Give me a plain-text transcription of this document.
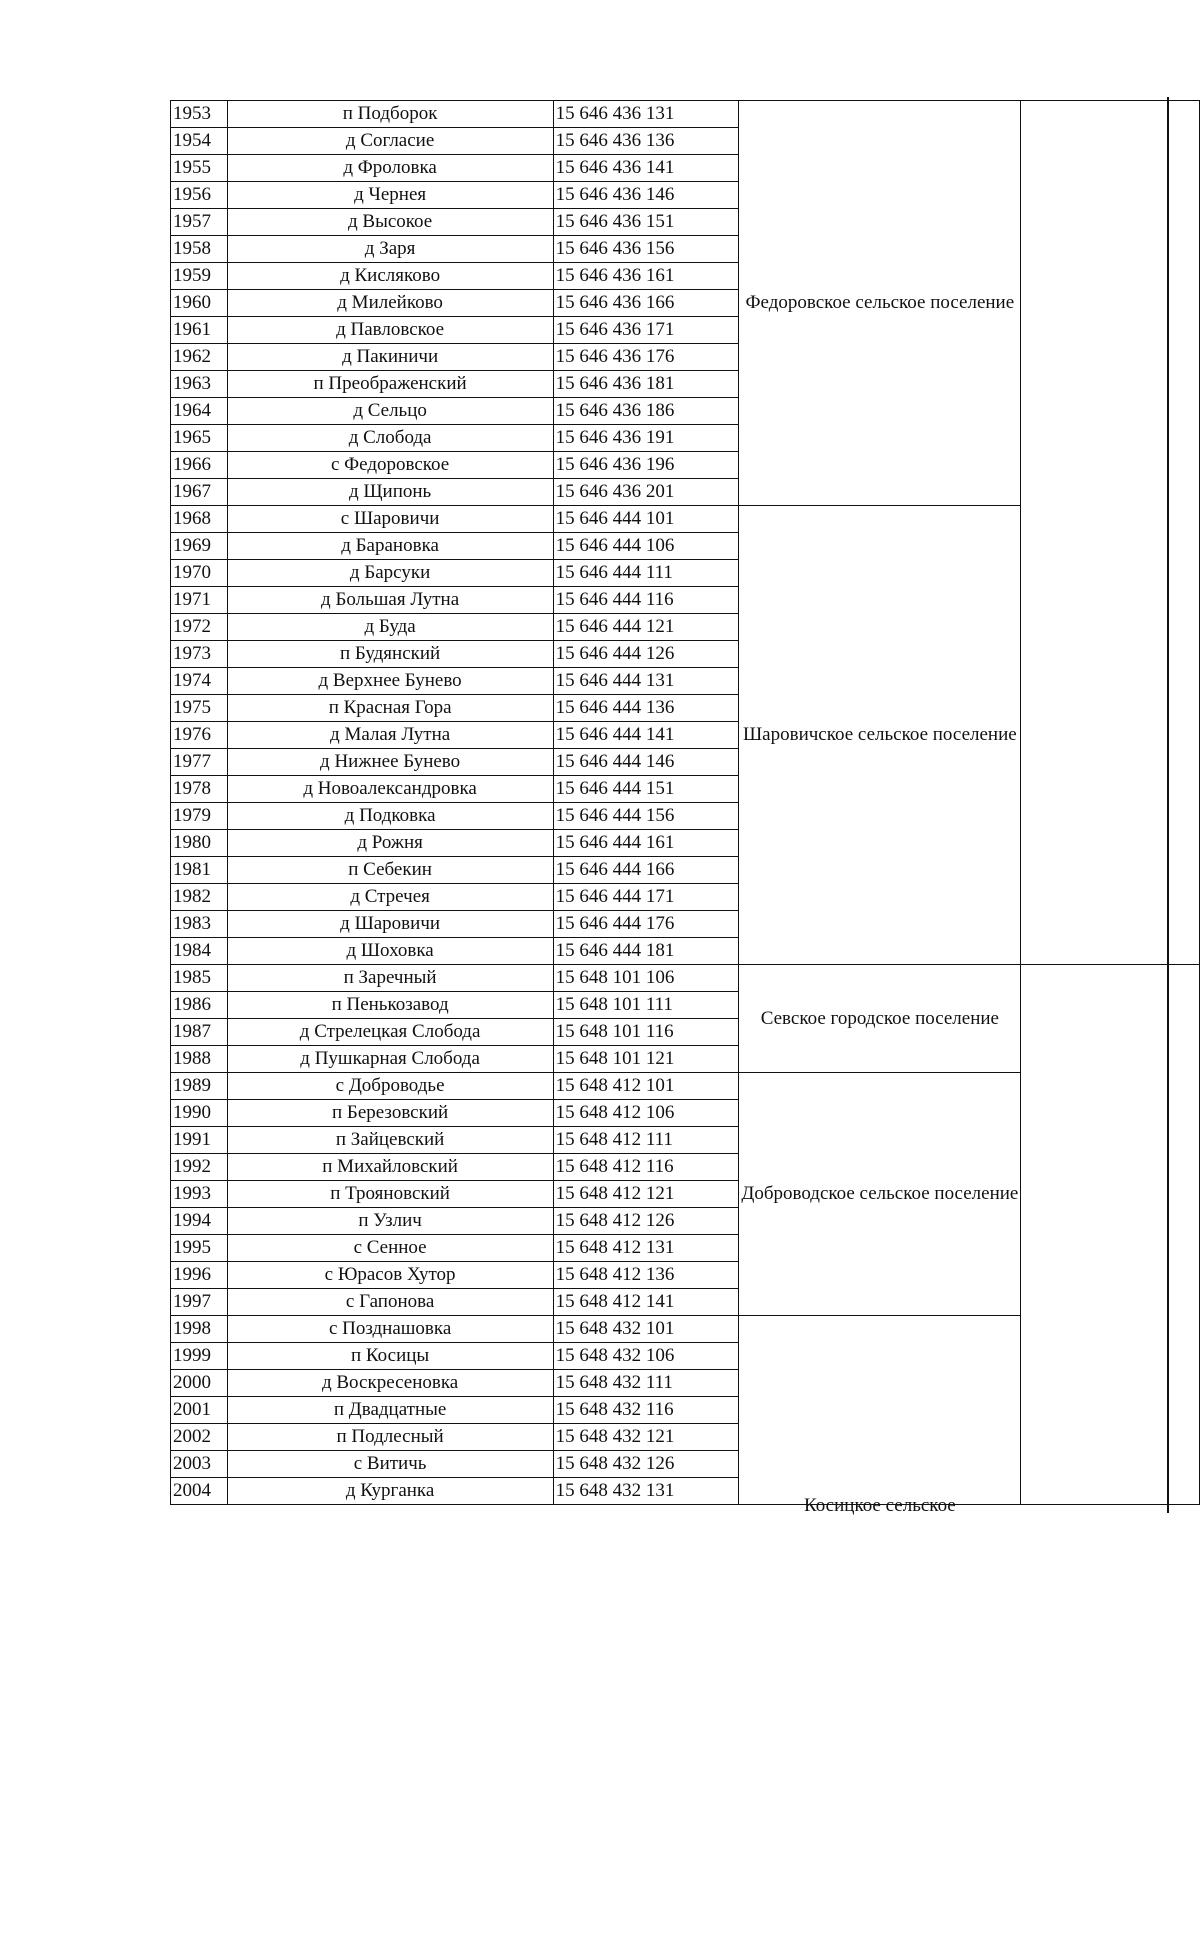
1953	п Подборок	15 646 436 131	Федоровское сельское поселение	
1954	д Согласие	15 646 436 136		
1955	д Фроловка	15 646 436 141		
1956	д Чернея	15 646 436 146		
1957	д Высокое	15 646 436 151		
1958	д Заря	15 646 436 156		
1959	д Кисляково	15 646 436 161		
1960	д Милейково	15 646 436 166		
1961	д Павловское	15 646 436 171		
1962	д Пакиничи	15 646 436 176		
1963	п Преображенский	15 646 436 181		
1964	д Сельцо	15 646 436 186		
1965	д Слобода	15 646 436 191		
1966	с Федоровское	15 646 436 196		
1967	д Щипонь	15 646 436 201		
1968	с Шаровичи	15 646 444 101	Шаровичское сельское поселение	
1969	д Барановка	15 646 444 106		
1970	д Барсуки	15 646 444 111		
1971	д Большая Лутна	15 646 444 116		
1972	д Буда	15 646 444 121		
1973	п Будянский	15 646 444 126		
1974	д Верхнее Бунево	15 646 444 131		
1975	п Красная Гора	15 646 444 136		
1976	д Малая Лутна	15 646 444 141		
1977	д Нижнее Бунево	15 646 444 146		
1978	д Новоалександровка	15 646 444 151		
1979	д Подковка	15 646 444 156		
1980	д Рожня	15 646 444 161		
1981	п Себекин	15 646 444 166		
1982	д Стречея	15 646 444 171		
1983	д Шаровичи	15 646 444 176		
1984	д Шоховка	15 646 444 181		
1985	п Заречный	15 648 101 106	Севское городское поселение	
1986	п Пенькозавод	15 648 101 111		
1987	д Стрелецкая Слобода	15 648 101 116		
1988	д Пушкарная Слобода	15 648 101 121		
1989	с Доброводье	15 648 412 101	Доброводское сельское поселение	
1990	п Березовский	15 648 412 106		
1991	п Зайцевский	15 648 412 111		
1992	п Михайловский	15 648 412 116		
1993	п Трояновский	15 648 412 121		
1994	п Узлич	15 648 412 126		
1995	с Сенное	15 648 412 131		
1996	с Юрасов Хутор	15 648 412 136		
1997	с Гапонова	15 648 412 141		
1998	с Позднашовка	15 648 432 101	Косицкое сельское	

1999	п Косицы	15 648 432 106		
2000	д Воскресеновка	15 648 432 111		
2001	п Двадцатные	15 648 432 116		
2002	п Подлесный	15 648 432 121		
2003	с Витичь	15 648 432 126		
2004	д Курганка	15 648 432 131		
